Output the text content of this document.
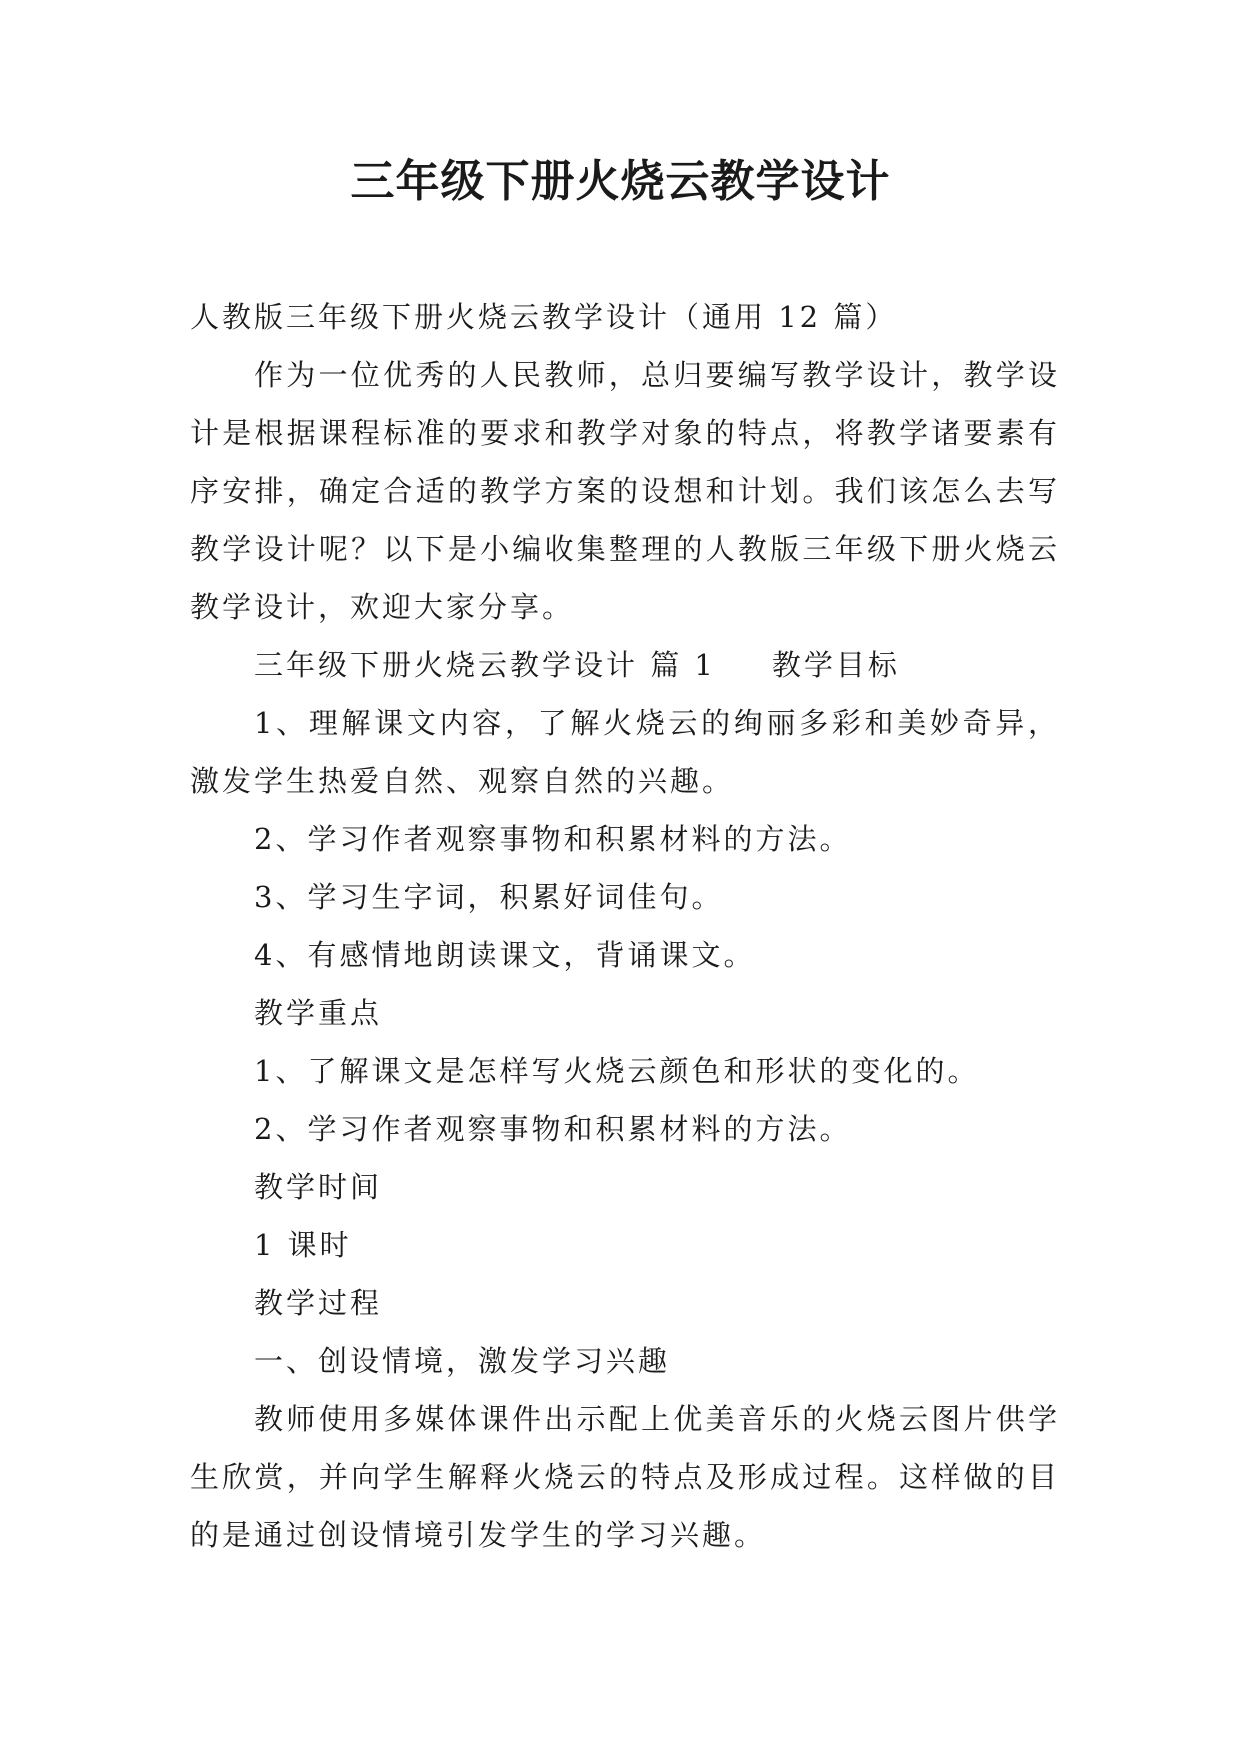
三年级下册火烧云教学设计
人教版三年级下册火烧云教学设计（通用 12 篇）
作为一位优秀的人民教师，总归要编写教学设计，教学设计是根据课程标准的要求和教学对象的特点，将教学诸要素有序安排，确定合适的教学方案的设想和计划。我们该怎么去写教学设计呢？以下是小编收集整理的人教版三年级下册火烧云教学设计，欢迎大家分享。
三年级下册火烧云教学设计 篇 1 教学目标
1、理解课文内容，了解火烧云的绚丽多彩和美妙奇异，激发学生热爱自然、观察自然的兴趣。
2、学习作者观察事物和积累材料的方法。
3、学习生字词，积累好词佳句。
4、有感情地朗读课文，背诵课文。
教学重点
1、了解课文是怎样写火烧云颜色和形状的变化的。
2、学习作者观察事物和积累材料的方法。
教学时间
1 课时
教学过程
一、创设情境，激发学习兴趣
教师使用多媒体课件出示配上优美音乐的火烧云图片供学生欣赏，并向学生解释火烧云的特点及形成过程。这样做的目的是通过创设情境引发学生的学习兴趣。
